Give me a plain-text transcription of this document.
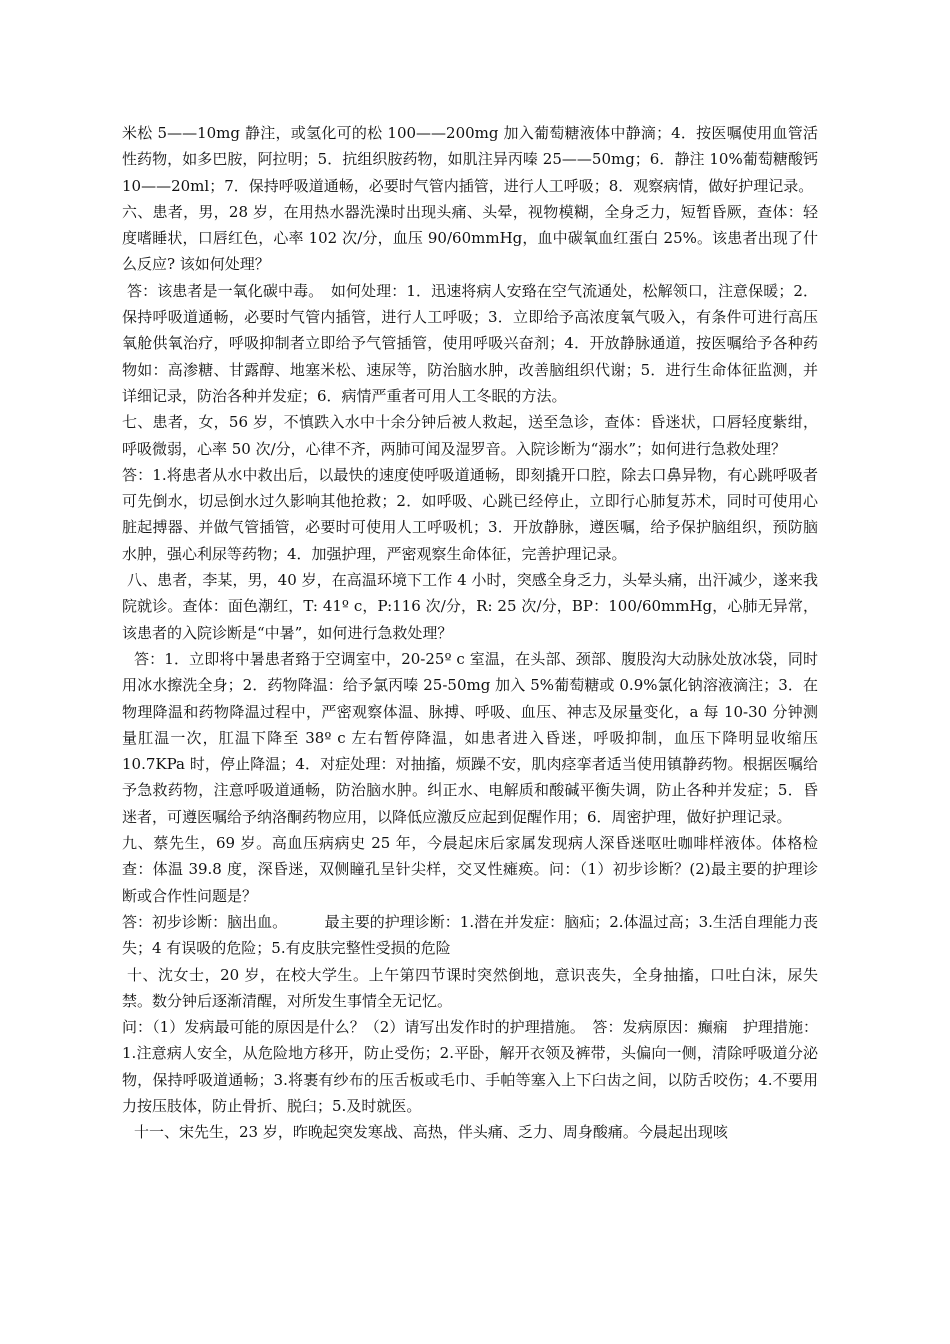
米松 5——10mg 静注，或氢化可的松 100——200mg 加入葡萄糖液体中静滴；4．按医嘱使用血管活性药物，如多巴胺，阿拉明；5．抗组织胺药物，如肌注异丙嗪 25——50mg；6．静注 10%葡萄糖酸钙 10——20ml；7．保持呼吸道通畅，必要时气管内插管，进行人工呼吸；8．观察病情，做好护理记录。

六、患者，男，28 岁，在用热水器洗澡时出现头痛、头晕，视物模糊，全身乏力，短暂昏厥，查体：轻度嗜睡状，口唇红色，心率 102 次/分，血压 90/60mmHg，血中碳氧血红蛋白 25%。该患者出现了什么反应? 该如何处理？

答：该患者是一氧化碳中毒。　如何处理：1．迅速将病人安臵在空气流通处，松解领口，注意保暖；2．保持呼吸道通畅，必要时气管内插管，进行人工呼吸；3．立即给予高浓度氧气吸入，有条件可进行高压氧舱供氧治疗，呼吸抑制者立即给予气管插管，使用呼吸兴奋剂；4．开放静脉通道，按医嘱给予各种药物如：高渗糖、甘露醇、地塞米松、速尿等，防治脑水肿，改善脑组织代谢；5．进行生命体征监测，并详细记录，防治各种并发症；6．病情严重者可用人工冬眠的方法。

七、患者，女，56 岁，不慎跌入水中十余分钟后被人救起，送至急诊，查体：昏迷状，口唇轻度紫绀，呼吸微弱，心率 50 次/分，心律不齐，两肺可闻及湿罗音。入院诊断为“溺水”；如何进行急救处理？

答：1.将患者从水中救出后，以最快的速度使呼吸道通畅，即刻撬开口腔，除去口鼻异物，有心跳呼吸者可先倒水，切忌倒水过久影响其他抢救；2．如呼吸、心跳已经停止，立即行心肺复苏术，同时可使用心脏起搏器、并做气管插管，必要时可使用人工呼吸机；3．开放静脉，遵医嘱，给予保护脑组织，预防脑水肿，强心利尿等药物；4．加强护理，严密观察生命体征，完善护理记录。

八、患者，李某，男，40 岁，在高温环境下工作 4 小时，突感全身乏力，头晕头痛，出汗减少，遂来我院就诊。查体：面色潮红，T: 41º c，P:116 次/分，R: 25 次/分，BP：100/60mmHg，心肺无异常，该患者的入院诊断是“中暑”，如何进行急救处理？

答：1．立即将中暑患者臵于空调室中，20-25º c 室温，在头部、颈部、腹股沟大动脉处放冰袋，同时用冰水擦洗全身；2．药物降温：给予氯丙嗪 25-50mg 加入 5%葡萄糖或 0.9%氯化钠溶液滴注；3．在物理降温和药物降温过程中，严密观察体温、脉搏、呼吸、血压、神志及尿量变化，a 每 10-30 分钟测量肛温一次，肛温下降至 38º c 左右暂停降温，如患者进入昏迷，呼吸抑制，血压下降明显收缩压 10.7KPa 时，停止降温；4．对症处理：对抽搐，烦躁不安，肌肉痉挛者适当使用镇静药物。根据医嘱给予急救药物，注意呼吸道通畅，防治脑水肿。纠正水、电解质和酸碱平衡失调，防止各种并发症；5．昏迷者，可遵医嘱给予纳洛酮药物应用，以降低应激反应起到促醒作用；6．周密护理，做好护理记录。

九、蔡先生，69 岁。高血压病病史 25 年，今晨起床后家属发现病人深昏迷呕吐咖啡样液体。体格检查：体温 39.8 度，深昏迷，双侧瞳孔呈针尖样，交叉性瘫痪。问：（1）初步诊断？(2)最主要的护理诊断或合作性问题是？

答：初步诊断：脑出血。　　　最主要的护理诊断：1.潜在并发症：脑疝；2.体温过高；3.生活自理能力丧失；4 有误吸的危险；5.有皮肤完整性受损的危险

十、沈女士，20 岁，在校大学生。上午第四节课时突然倒地，意识丧失，全身抽搐，口吐白沫，尿失禁。数分钟后逐渐清醒，对所发生事情全无记忆。

问：（1）发病最可能的原因是什么？（2）请写出发作时的护理措施。　答：发病原因：癫痫　护理措施：1.注意病人安全，从危险地方移开，防止受伤；2.平卧，解开衣领及裤带，头偏向一侧，清除呼吸道分泌物，保持呼吸道通畅；3.将裹有纱布的压舌板或毛巾、手帕等塞入上下臼齿之间，以防舌咬伤；4.不要用力按压肢体，防止骨折、脱臼；5.及时就医。

十一、宋先生，23 岁，昨晚起突发寒战、高热，伴头痛、乏力、周身酸痛。今晨起出现咳
